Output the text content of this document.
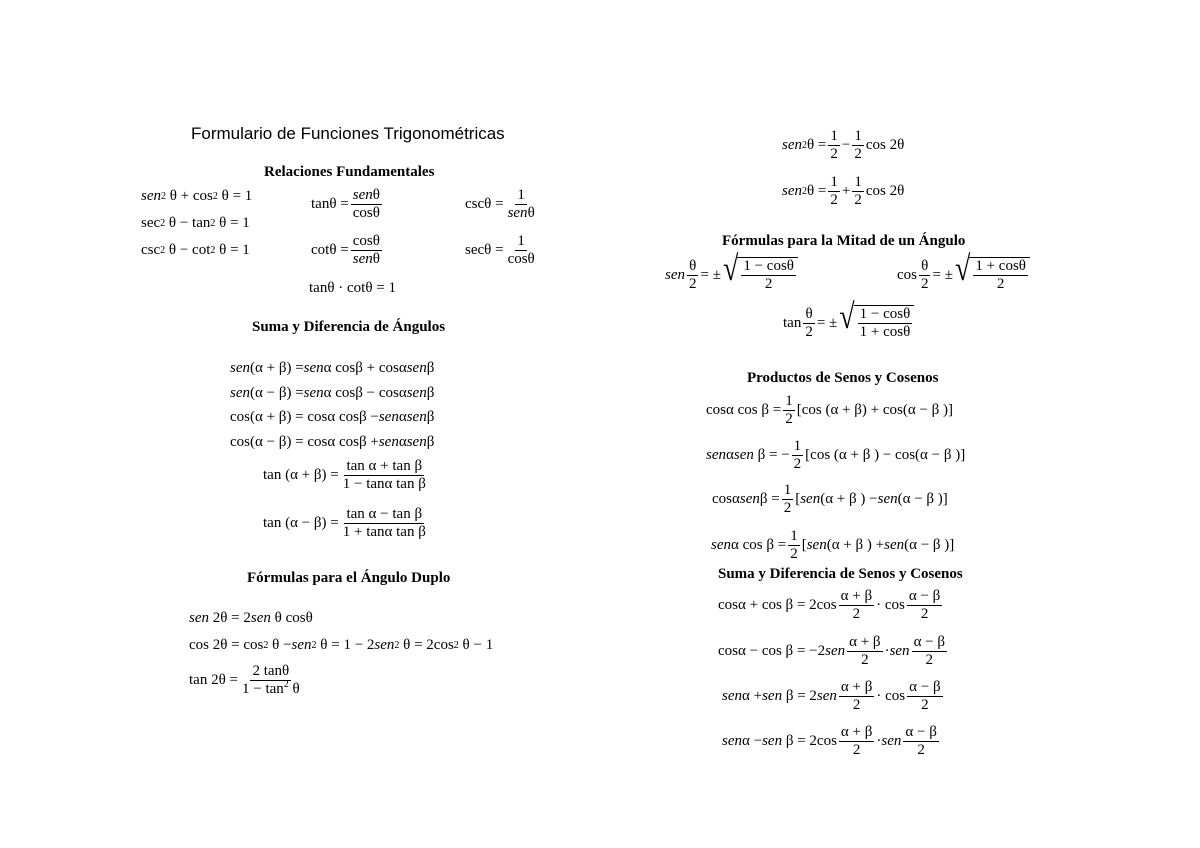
Formulario de Funciones Trigonométricas
Relaciones Fundamentales
Suma y Diferencia de Ángulos
Fórmulas para el Ángulo Duplo
Fórmulas para la Mitad de un Ángulo
Productos de Senos y Cosenos
Suma y Diferencia de Senos y Cosenos
sen 2 θ + cos 2 θ = 1
sec 2 θ − tan 2 θ = 1
csc 2 θ − cot 2 θ = 1
$\tan\theta = \frac{\text{senθ}}{\cos\theta}$
$\cot\theta = \frac{\cos\theta}{\text{senθ}}$
$\csc\theta = \frac{1}{\text{senθ}}$
$\sec\theta = \frac{1}{\cos\theta}$
tanθ · cotθ = 1
sen (α + β) = sen α cosβ + cosα sen β
sen (α − β) = sen α cosβ − cosα sen β
cos(α + β) = cosα cosβ − sen α sen β
cos(α − β) = cosα cosβ + sen α sen β
$\tan (\alpha + \beta) = \frac{\text{tan α + tan β}}{\text{1 − tanα tan β}}$
$\tan (\alpha - \beta) = \frac{\text{tan α − tan β}}{\text{1 + tanα tan β}}$
sen 2θ = 2 sen θ cosθ
cos 2θ = cos 2 θ − sen 2 θ = 1 − 2 sen 2 θ = 2cos 2 θ − 1
$\tan 2\theta = \frac{2 \tan\theta}{1 - \tan^2 \theta}$
sen 2 $\theta = \frac{1}{2} - \frac{1}{2}$ cos 2θ
sen 2 $\theta = \frac{1}{2} + \frac{1}{2}$ cos 2θ
sen $\frac{\theta}{2}$ = ± √ $\frac{1 - \cos\theta}{2}$	$\cos \frac{\theta}{2}$ = ± √ $\frac{1 + \cos\theta}{2}$
$\tan \frac{\theta}{2}$ = ± √ $\frac{1 - \cos\theta}{1 + \cos\theta}$
cosα $\cos \beta = \frac{1}{2} [\cos$ (α + β) + cos(α − β )]
sen α sen β = − $\frac{1}{2} [\cos$ (α + β ) − cos(α − β )]
cosα sen $\beta = \frac{1}{2}$ [ sen (α + β ) − sen (α − β )]
sen α $\cos \beta = \frac{1}{2}$ [ sen (α + β ) + sen (α − β )]
$\cos\alpha + \cos \beta = 2\cos \frac{\alpha + \beta}{2} \cdot \cos \frac{\alpha - \beta}{2}$
cosα − cos β = −2 sen $\frac{\alpha + \beta}{2}$ · sen $\frac{\alpha - \beta}{2}$
sen α + sen β = 2 sen $\frac{\alpha + \beta}{2} \cdot \cos \frac{\alpha - \beta}{2}$
sen α − sen $\beta = 2\cos \frac{\alpha + \beta}{2}$ · sen $\frac{\alpha - \beta}{2}$
